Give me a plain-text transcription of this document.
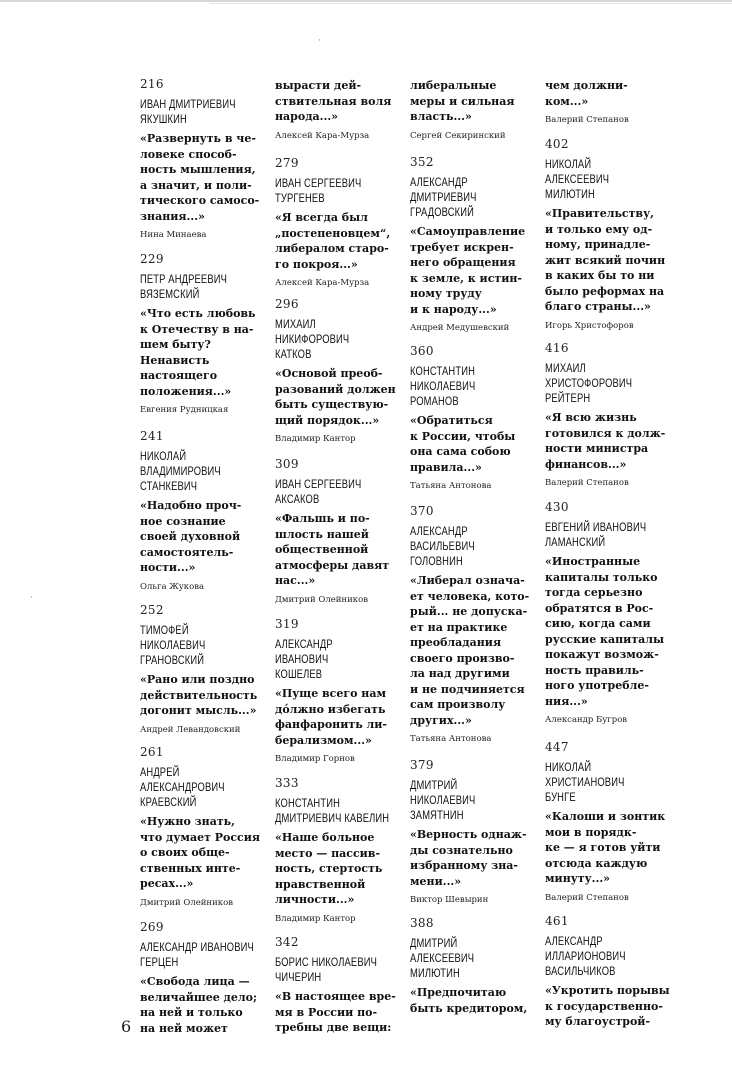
·
·
216
ИВАН ДМИТРИЕВИЧ
ЯКУШКИН
«Развернуть в че-
ловеке способ-
ность мышления,
а значит, и поли-
тического самосо-
знания...»
Нина Минаева
229
ПЕТР АНДРЕЕВИЧ
ВЯЗЕМСКИЙ
«Что есть любовь
к Отечеству в на-
шем быту?
Ненависть
настоящего
положения...»
Евгения Рудницкая
241
НИКОЛАЙ
ВЛАДИМИРОВИЧ
СТАНКЕВИЧ
«Надобно проч-
ное сознание
своей духовной
самостоятель-
ности...»
Ольга Жукова
252
ТИМОФЕЙ
НИКОЛАЕВИЧ
ГРАНОВСКИЙ
«Рано или поздно
действительность
догонит мысль...»
Андрей Левандовский
261
АНДРЕЙ
АЛЕКСАНДРОВИЧ
КРАЕВСКИЙ
«Нужно знать,
что думает Россия
о своих обще-
ственных инте-
ресах...»
Дмитрий Олейников
269
АЛЕКСАНДР ИВАНОВИЧ
ГЕРЦЕН
«Свобода лица —
величайшее дело;
на ней и только
на ней может
вырасти дей-
ствительная воля
народа...»
Алексей Кара-Мурза
279
ИВАН СЕРГЕЕВИЧ
ТУРГЕНЕВ
«Я всегда был
„постепеновцем“,
либералом старо-
го покроя...»
Алексей Кара-Мурза
296
МИХАИЛ
НИКИФОРОВИЧ
КАТКОВ
«Основой преоб-
разований должен
быть существую-
щий порядок...»
Владимир Кантор
309
ИВАН СЕРГЕЕВИЧ
АКСАКОВ
«Фальшь и по-
шлость нашей
общественной
атмосферы давят
нас...»
Дмитрий Олейников
319
АЛЕКСАНДР
ИВАНОВИЧ
КОШЕЛЕВ
«Пуще всего нам
дóлжно избегать
фанфаронить ли-
берализмом...»
Владимир Горнов
333
КОНСТАНТИН
ДМИТРИЕВИЧ КАВЕЛИН
«Наше больное
место — пассив-
ность, стертость
нравственной
личности...»
Владимир Кантор
342
БОРИС НИКОЛАЕВИЧ
ЧИЧЕРИН
«В настоящее вре-
мя в России по-
требны две вещи:
либеральные
меры и сильная
власть...»
Сергей Секиринский
352
АЛЕКСАНДР
ДМИТРИЕВИЧ
ГРАДОВСКИЙ
«Самоуправление
требует искрен-
него обращения
к земле, к истин-
ному труду
и к народу...»
Андрей Медушевский
360
КОНСТАНТИН
НИКОЛАЕВИЧ
РОМАНОВ
«Обратиться
к России, чтобы
она сама собою
правила...»
Татьяна Антонова
370
АЛЕКСАНДР
ВАСИЛЬЕВИЧ
ГОЛОВНИН
«Либерал означа-
ет человека, кото-
рый... не допуска-
ет на практике
преобладания
своего произво-
ла над другими
и не подчиняется
сам произволу
других...»
Татьяна Антонова
379
ДМИТРИЙ
НИКОЛАЕВИЧ
ЗАМЯТНИН
«Верность однаж-
ды сознательно
избранному зна-
мени...»
Виктор Шевырин
388
ДМИТРИЙ
АЛЕКСЕЕВИЧ
МИЛЮТИН
«Предпочитаю
быть кредитором,
чем должни-
ком...»
Валерий Степанов
402
НИКОЛАЙ
АЛЕКСЕЕВИЧ
МИЛЮТИН
«Правительству,
и только ему од-
ному, принадле-
жит всякий почин
в каких бы то ни
было реформах на
благо страны...»
Игорь Христофоров
416
МИХАИЛ
ХРИСТОФОРОВИЧ
РЕЙТЕРН
«Я всю жизнь
готовился к долж-
ности министра
финансов...»
Валерий Степанов
430
ЕВГЕНИЙ ИВАНОВИЧ
ЛАМАНСКИЙ
«Иностранные
капиталы только
тогда серьезно
обратятся в Рос-
сию, когда сами
русские капиталы
покажут возмож-
ность правиль-
ного употребле-
ния...»
Александр Бугров
447
НИКОЛАЙ
ХРИСТИАНОВИЧ
БУНГЕ
«Калоши и зонтик
мои в порядк-
ке — я готов уйти
отсюда каждую
минуту...»
Валерий Степанов
461
АЛЕКСАНДР
ИЛЛАРИОНОВИЧ
ВАСИЛЬЧИКОВ
«Укротить порывы
к государственно-
му благоустрой-
6
